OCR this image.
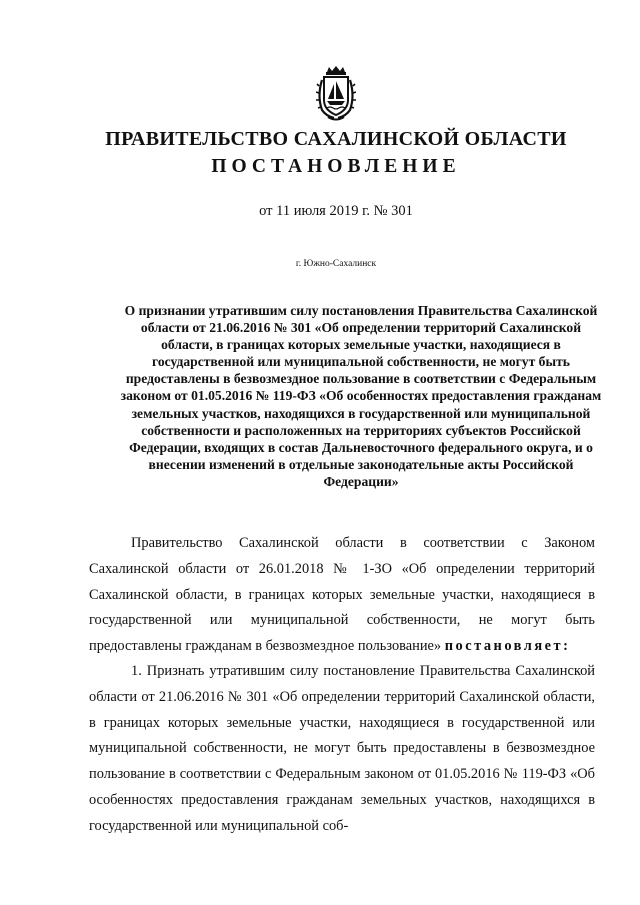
ПРАВИТЕЛЬСТВО САХАЛИНСКОЙ ОБЛАСТИ
ПОСТАНОВЛЕНИЕ

от 11 июля 2019 г. № 301

г. Южно-Сахалинск

О признании утратившим силу постановления Правительства Сахалинской области от 21.06.2016 № 301 «Об определении территорий Сахалинской области, в границах которых земельные участки, находящиеся в государственной или муниципальной собственности, не могут быть предоставлены в безвозмездное пользование в соответствии с Федеральным законом от 01.05.2016 № 119-ФЗ «Об особенностях предоставления гражданам земельных участков, находящихся в государственной или муниципальной собственности и расположенных на территориях субъектов Российской Федерации, входящих в состав Дальневосточного федерального округа, и о внесении изменений в отдельные законодательные акты Российской Федерации»

Правительство Сахалинской области в соответствии с Законом Сахалинской области от 26.01.2018 № 1-ЗО «Об определении территорий Сахалинской области, в границах которых земельные участки, находящиеся в государственной или муниципальной собственности, не могут быть предоставлены гражданам в безвозмездное пользование» постановляет:

1. Признать утратившим силу постановление Правительства Сахалинской области от 21.06.2016 № 301 «Об определении территорий Сахалинской области, в границах которых земельные участки, находящиеся в государственной или муниципальной собственности, не могут быть предоставлены в безвозмездное пользование в соответствии с Федеральным законом от 01.05.2016 № 119-ФЗ «Об особенностях предоставления гражданам земельных участков, находящихся в государственной или муниципальной соб-
